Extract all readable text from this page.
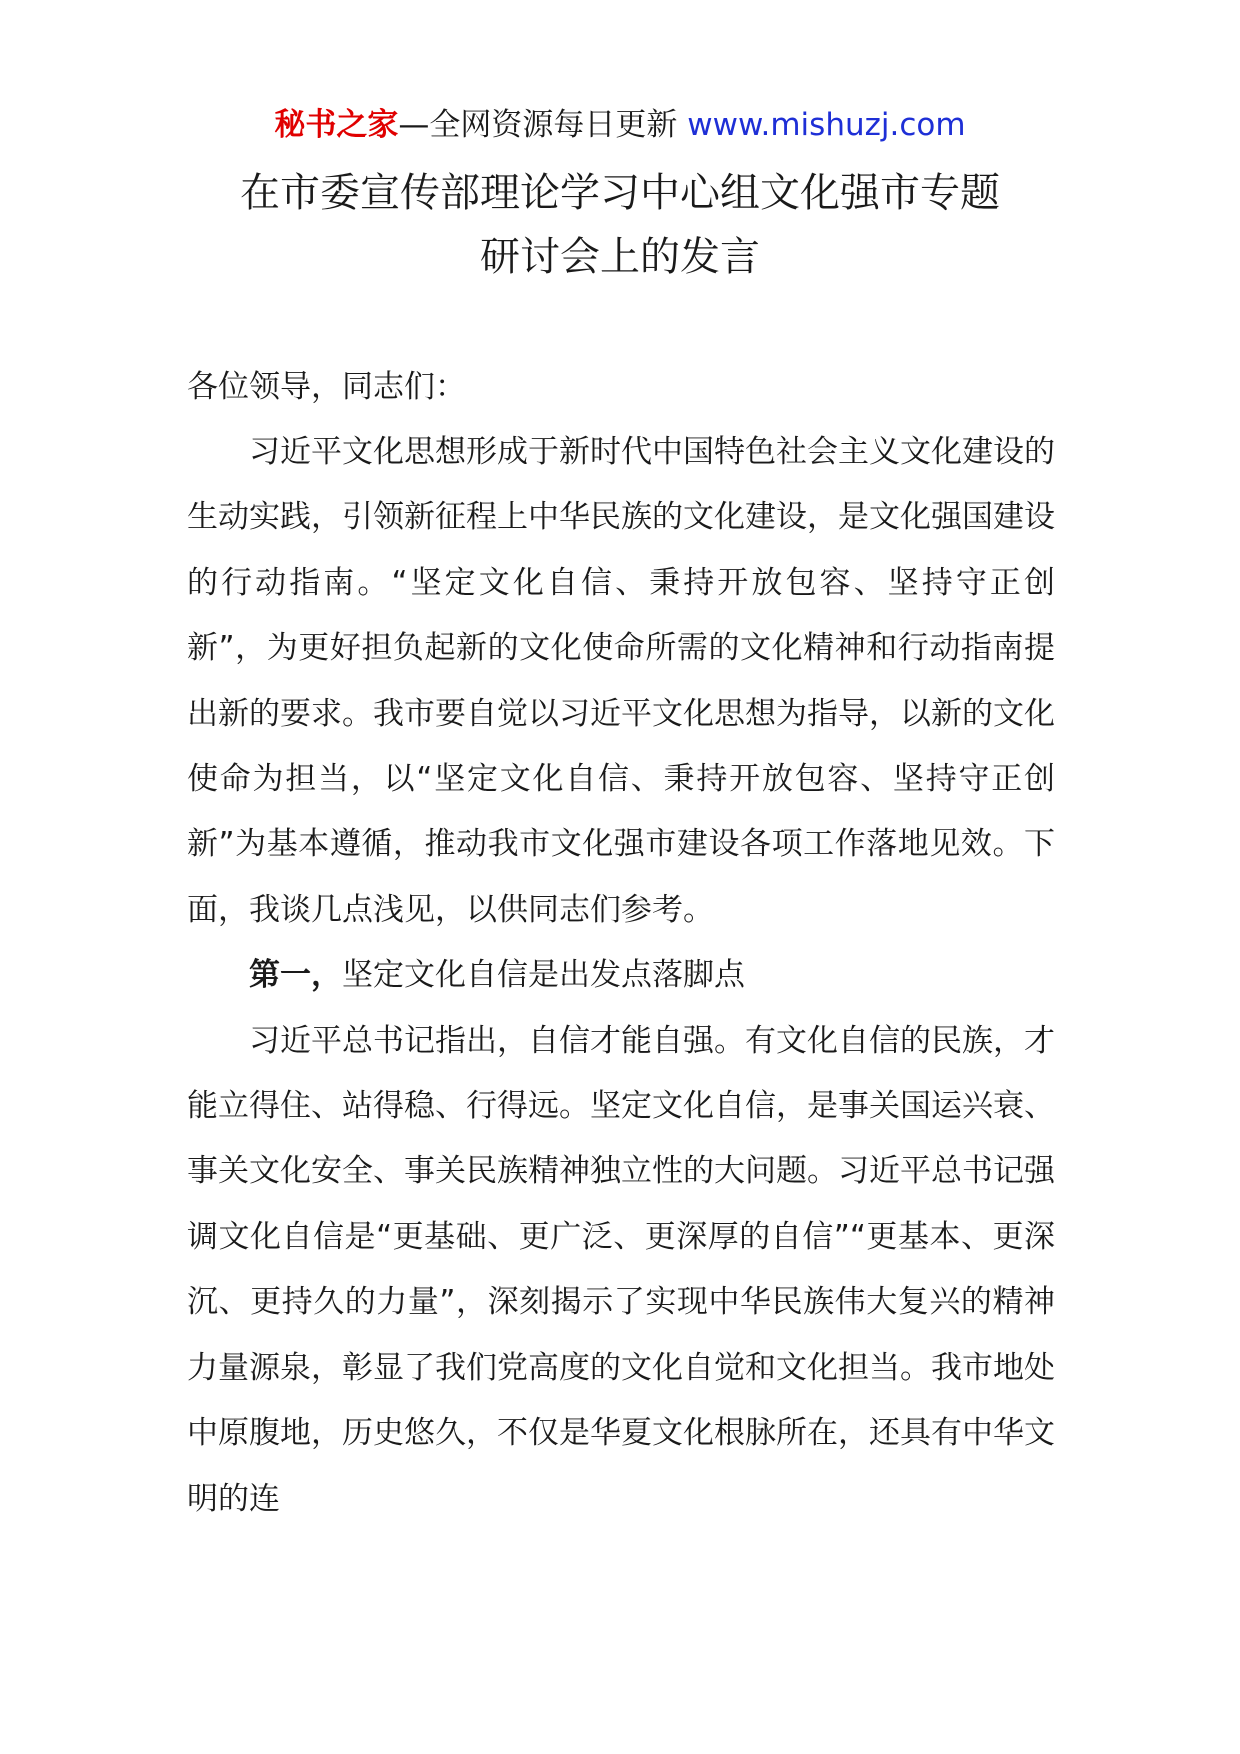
秘书之家—全网资源每日更新 www.mishuzj.com
在市委宣传部理论学习中心组文化强市专题
研讨会上的发言
各位领导，同志们：

习近平文化思想形成于新时代中国特色社会主义文化建设的生动实践，引领新征程上中华民族的文化建设，是文化强国建设的行动指南。“坚定文化自信、秉持开放包容、坚持守正创新”，为更好担负起新的文化使命所需的文化精神和行动指南提出新的要求。我市要自觉以习近平文化思想为指导，以新的文化使命为担当，以“坚定文化自信、秉持开放包容、坚持守正创新”为基本遵循，推动我市文化强市建设各项工作落地见效。下面，我谈几点浅见，以供同志们参考。

第一，坚定文化自信是出发点落脚点

习近平总书记指出，自信才能自强。有文化自信的民族，才能立得住、站得稳、行得远。坚定文化自信，是事关国运兴衰、事关文化安全、事关民族精神独立性的大问题。习近平总书记强调文化自信是“更基础、更广泛、更深厚的自信”“更基本、更深沉、更持久的力量”，深刻揭示了实现中华民族伟大复兴的精神力量源泉，彰显了我们党高度的文化自觉和文化担当。我市地处中原腹地，历史悠久，不仅是华夏文化根脉所在，还具有中华文明的连
